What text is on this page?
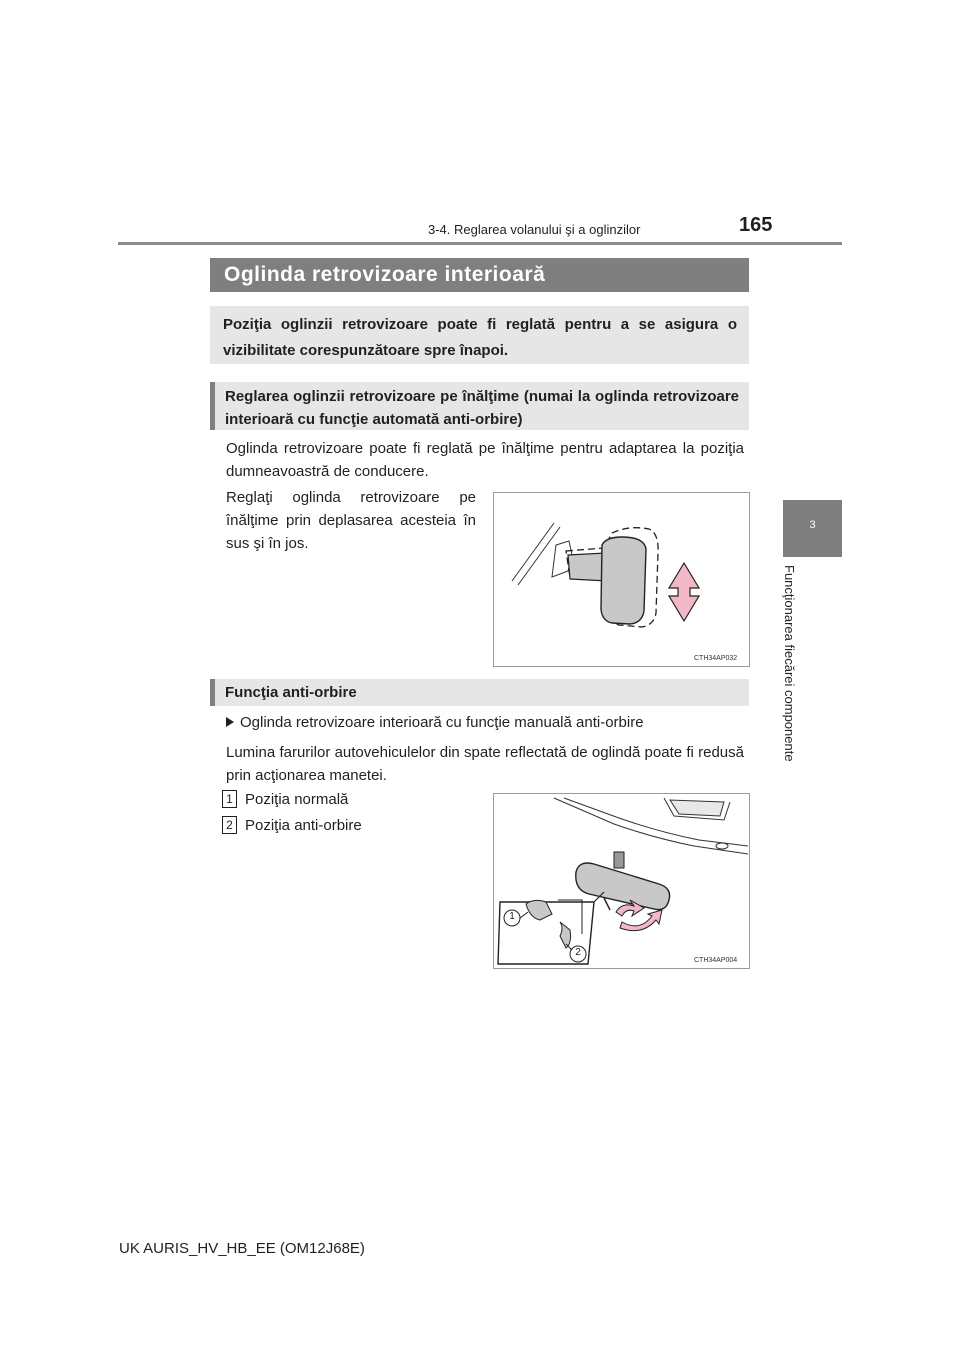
3-4. Reglarea volanului şi a oglinzilor	165
3
Funcţionarea fiecărei componente
Oglinda retrovizoare interioară
Poziţia oglinzii retrovizoare poate fi reglată pentru a se asigura o vizibilitate corespunzătoare spre înapoi.
Reglarea oglinzii retrovizoare pe înălţime (numai la oglinda retrovizoare interioară cu funcţie automată anti-orbire)
Oglinda retrovizoare poate fi reglată pe înălţime pentru adaptarea la poziţia dumneavoastră de conducere.
Reglaţi oglinda retrovizoare pe înălţime prin deplasarea acesteia în sus şi în jos.
CTH34AP032
Funcţia anti-orbire
Oglinda retrovizoare interioară cu funcţie manuală anti-orbire
Lumina farurilor autovehiculelor din spate reflectată de oglindă poate fi redusă prin acţionarea manetei.
1 Poziţia normală
2 Poziţia anti-orbire
1
2
CTH34AP004
UK AURIS_HV_HB_EE (OM12J68E)
